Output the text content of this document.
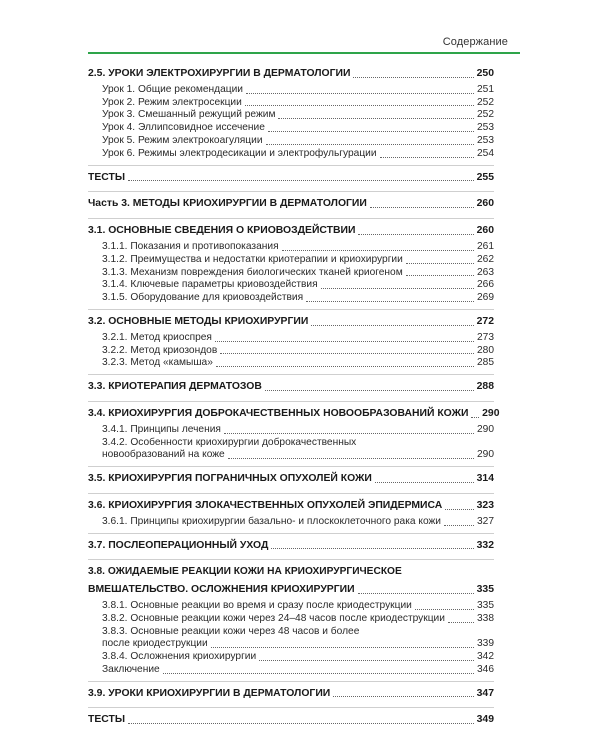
Содержание
2.5. УРОКИ ЭЛЕКТРОХИРУРГИИ В ДЕРМАТОЛОГИИ	250
Урок 1. Общие рекомендации	251
Урок 2. Режим электросекции	252
Урок 3. Смешанный режущий режим	252
Урок 4. Эллипсовидное иссечение	253
Урок 5. Режим электрокоагуляции	253
Урок 6. Режимы электродесикации и электрофульгурации	254
ТЕСТЫ	255
Часть 3. МЕТОДЫ КРИОХИРУРГИИ В ДЕРМАТОЛОГИИ	260
3.1. ОСНОВНЫЕ СВЕДЕНИЯ О КРИОВОЗДЕЙСТВИИ	260
3.1.1. Показания и противопоказания	261
3.1.2. Преимущества и недостатки криотерапии и криохирургии	262
3.1.3. Механизм повреждения биологических тканей криогеном	263
3.1.4. Ключевые параметры криовоздействия	266
3.1.5. Оборудование для криовоздействия	269
3.2. ОСНОВНЫЕ МЕТОДЫ КРИОХИРУРГИИ	272
3.2.1. Метод криоспрея	273
3.2.2. Метод криозондов	280
3.2.3. Метод «камыша»	285
3.3. КРИОТЕРАПИЯ ДЕРМАТОЗОВ	288
3.4. КРИОХИРУРГИЯ ДОБРОКАЧЕСТВЕННЫХ НОВООБРАЗОВАНИЙ КОЖИ 290
3.4.1. Принципы лечения	290
3.4.2. Особенности криохирургии доброкачественных
новообразований на коже	290
3.5. КРИОХИРУРГИЯ ПОГРАНИЧНЫХ ОПУХОЛЕЙ КОЖИ	314
3.6. КРИОХИРУРГИЯ ЗЛОКАЧЕСТВЕННЫХ ОПУХОЛЕЙ ЭПИДЕРМИСА	323
3.6.1. Принципы криохирургии базально- и плоскоклеточного рака кожи	327
3.7. ПОСЛЕОПЕРАЦИОННЫЙ УХОД	332
3.8. ОЖИДАЕМЫЕ РЕАКЦИИ КОЖИ НА КРИОХИРУРГИЧЕСКОЕ
ВМЕШАТЕЛЬСТВО. ОСЛОЖНЕНИЯ КРИОХИРУРГИИ	335
3.8.1. Основные реакции во время и сразу после криодеструкции	335
3.8.2. Основные реакции кожи через 24–48 часов после криодеструкции	338
3.8.3. Основные реакции кожи через 48 часов и более
после криодеструкции	339
3.8.4. Осложнения криохирургии	342
Заключение	346
3.9. УРОКИ КРИОХИРУРГИИ В ДЕРМАТОЛОГИИ	347
ТЕСТЫ	349
